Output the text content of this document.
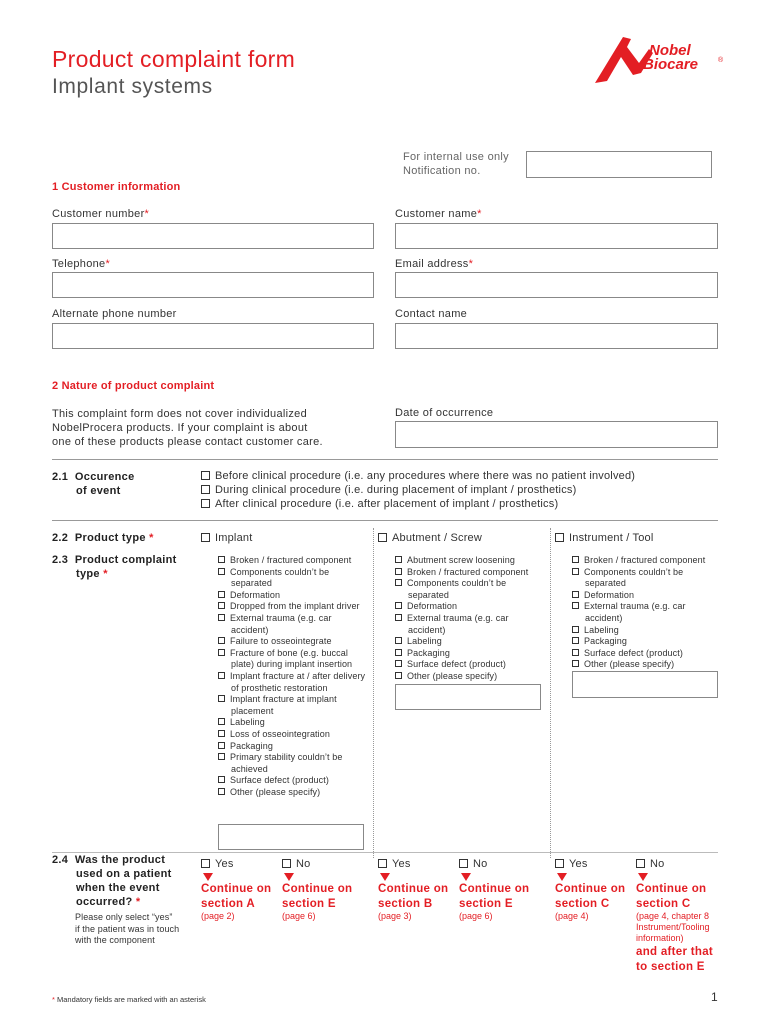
Product complaint form
Implant systems
Nobel
Biocare	®
For internal use only
Notification no.
1 Customer information
Customer number*	Customer name*
Telephone*	Email address*
Alternate phone number	Contact name
2 Nature of product complaint
This complaint form does not cover individualized
NobelProcera products. If your complaint is about
one of these products please contact customer care.
Date of occurrence
2.1 Occurence
of event
Before clinical procedure (i.e. any procedures where there was no patient involved)
During clinical procedure (i.e. during placement of implant / prosthetics)
After clinical procedure (i.e. after placement of implant / prosthetics)
2.2 Product type *	Implant	Abutment / Screw	Instrument / Tool
2.3 Product complaint
type *
Broken / fractured component
Components couldn’t be separated
Deformation
Dropped from the implant driver
External trauma (e.g. car accident)
Failure to osseointegrate
Fracture of bone (e.g. buccal plate) during implant insertion
Implant fracture at / after delivery of prosthetic restoration
Implant fracture at implant placement
Labeling
Loss of osseointegration
Packaging
Primary stability couldn’t be achieved
Surface defect (product)
Other (please specify)
Abutment screw loosening
Broken / fractured component
Components couldn’t be separated
Deformation
External trauma (e.g. car accident)
Labeling
Packaging
Surface defect (product)
Other (please specify)
Broken / fractured component
Components couldn’t be separated
Deformation
External trauma (e.g. car accident)
Labeling
Packaging
Surface defect (product)
Other (please specify)
2.4 Was the product
used on a patient
when the event
occurred? *
Please only select “yes”
if the patient was in touch
with the component
Yes
Continue on
section A
(page 2)
No
Continue on
section E
(page 6)
Yes
Continue on
section B
(page 3)
No
Continue on
section E
(page 6)
Yes
Continue on
section C
(page 4)
No
Continue on
section C
(page 4, chapter 8
Instrument/Tooling
information)
and after that
to section E
* Mandatory fields are marked with an asterisk	1
